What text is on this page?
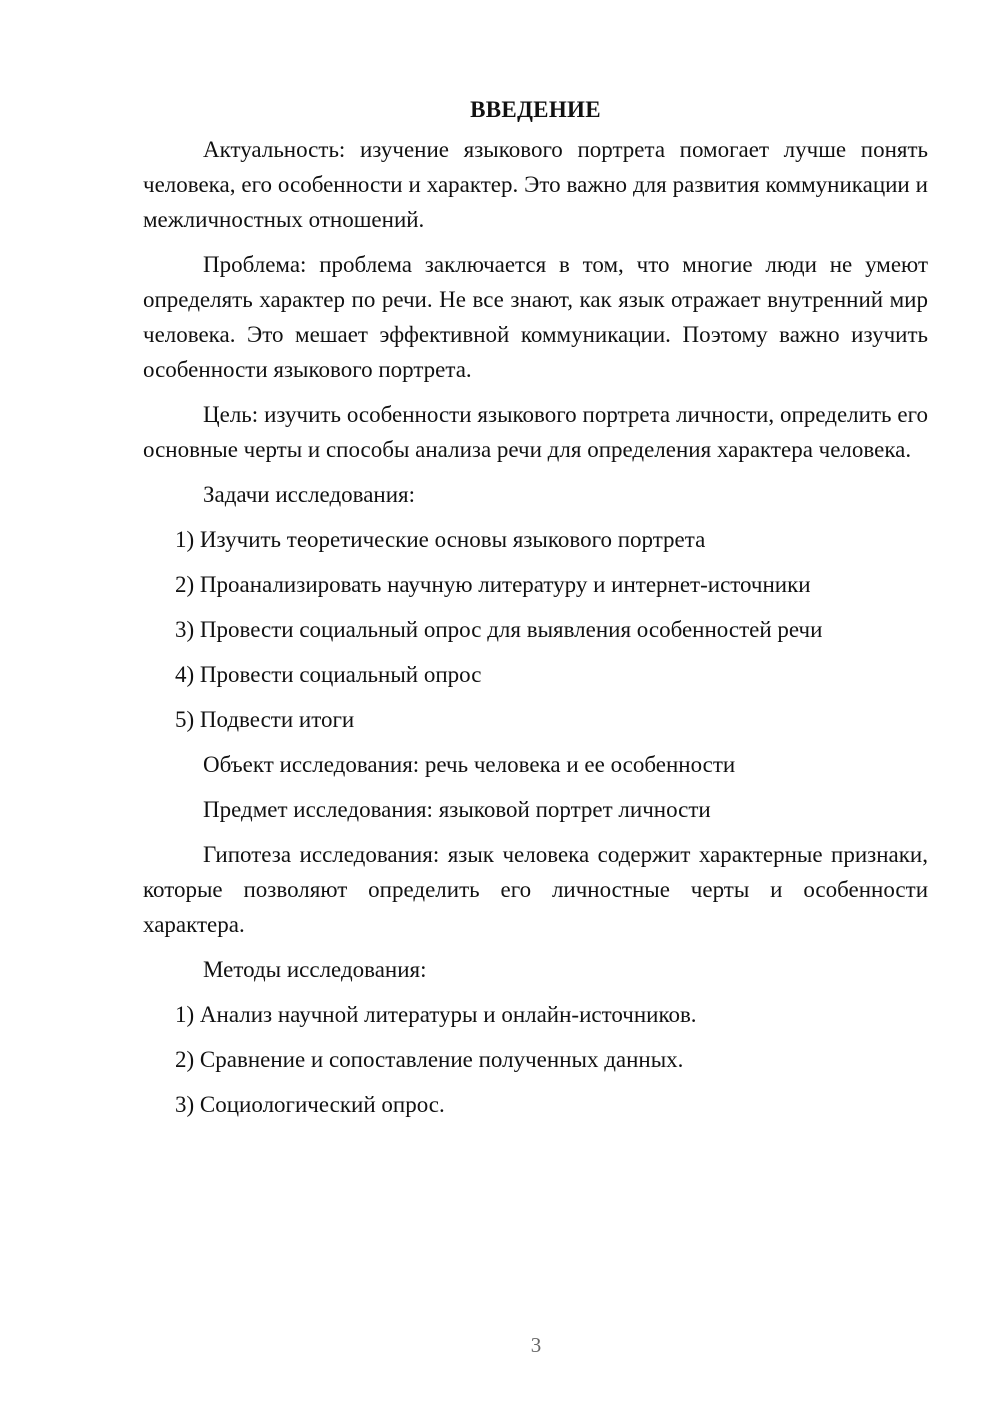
ВВЕДЕНИЕ

Актуальность: изучение языкового портрета помогает лучше понять человека, его особенности и характер. Это важно для развития коммуникации и межличностных отношений.

Проблема: проблема заключается в том, что многие люди не умеют определять характер по речи. Не все знают, как язык отражает внутренний мир человека. Это мешает эффективной коммуникации. Поэтому важно изучить особенности языкового портрета.

Цель: изучить особенности языкового портрета личности, определить его основные черты и способы анализа речи для определения характера человека.

Задачи исследования:
1) Изучить теоретические основы языкового портрета
2) Проанализировать научную литературу и интернет-источники
3) Провести социальный опрос для выявления особенностей речи
4) Провести социальный опрос
5) Подвести итоги
Объект исследования: речь человека и ее особенности
Предмет исследования: языковой портрет личности

Гипотеза исследования: язык человека содержит характерные признаки, которые позволяют определить его личностные черты и особенности характера.

Методы исследования:
1) Анализ научной литературы и онлайн-источников.
2) Сравнение и сопоставление полученных данных.
3) Социологический опрос.
3
